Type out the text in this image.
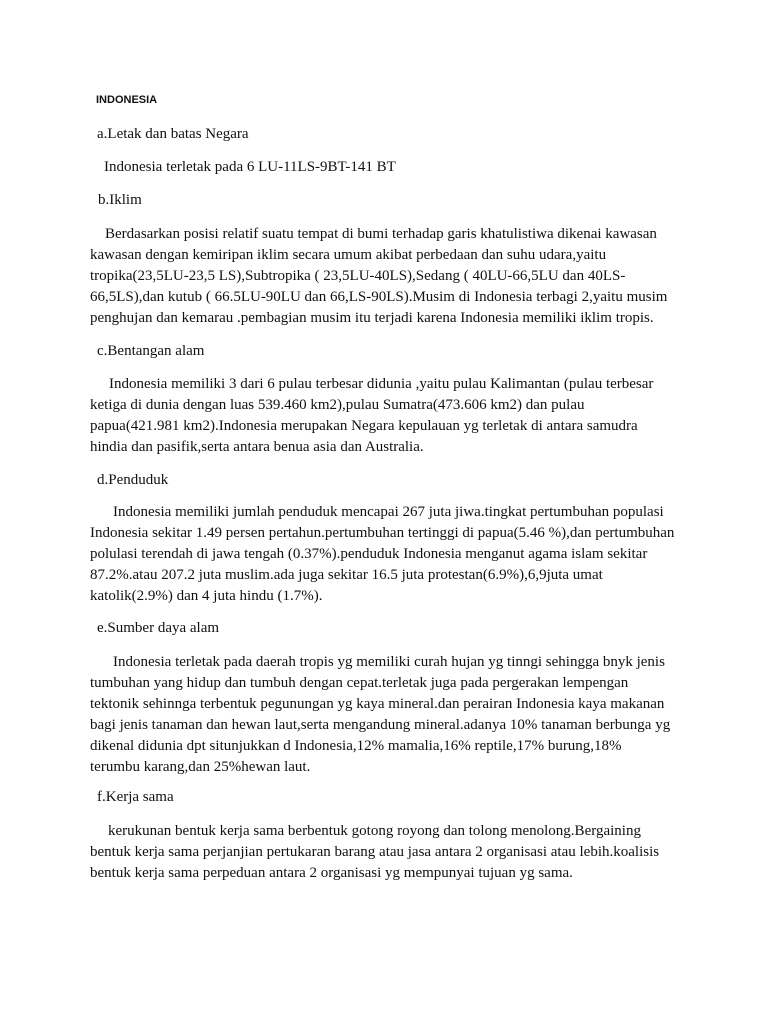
INDONESIA
a.Letak dan batas Negara
Indonesia terletak pada 6 LU-11LS-9BT-141 BT
b.Iklim
Berdasarkan posisi relatif suatu tempat di bumi terhadap garis khatulistiwa dikenai kawasan
kawasan dengan kemiripan iklim secara umum akibat perbedaan dan suhu udara,yaitu
tropika(23,5LU-23,5 LS),Subtropika ( 23,5LU-40LS),Sedang ( 40LU-66,5LU dan 40LS-
66,5LS),dan kutub ( 66.5LU-90LU dan 66,LS-90LS).Musim di Indonesia terbagi 2,yaitu musim
penghujan dan kemarau .pembagian musim itu terjadi karena Indonesia memiliki iklim tropis.
c.Bentangan alam
Indonesia memiliki 3 dari 6 pulau terbesar didunia ,yaitu pulau Kalimantan (pulau terbesar
ketiga di dunia dengan luas 539.460 km2),pulau Sumatra(473.606 km2) dan pulau
papua(421.981 km2).Indonesia merupakan Negara kepulauan yg terletak di antara samudra
hindia dan pasifik,serta antara benua asia dan Australia.
d.Penduduk
Indonesia memiliki jumlah penduduk mencapai 267 juta jiwa.tingkat pertumbuhan populasi
Indonesia sekitar 1.49 persen pertahun.pertumbuhan tertinggi di papua(5.46 %),dan pertumbuhan
polulasi terendah di jawa tengah (0.37%).penduduk Indonesia menganut agama islam sekitar
87.2%.atau 207.2 juta muslim.ada juga sekitar 16.5 juta protestan(6.9%),6,9juta umat
katolik(2.9%) dan 4 juta hindu (1.7%).
e.Sumber daya alam
Indonesia terletak pada daerah tropis yg memiliki curah hujan yg tinngi sehingga bnyk jenis
tumbuhan yang hidup dan tumbuh dengan cepat.terletak juga pada pergerakan lempengan
tektonik sehinnga terbentuk pegunungan yg kaya mineral.dan perairan Indonesia kaya makanan
bagi jenis tanaman dan hewan laut,serta mengandung mineral.adanya 10% tanaman berbunga yg
dikenal didunia dpt situnjukkan d Indonesia,12% mamalia,16% reptile,17% burung,18%
terumbu karang,dan 25%hewan laut.
f.Kerja sama
kerukunan bentuk kerja sama berbentuk gotong royong dan tolong menolong.Bergaining
bentuk kerja sama perjanjian pertukaran barang atau jasa antara 2 organisasi atau lebih.koalisis
bentuk kerja sama perpeduan antara 2 organisasi yg mempunyai tujuan yg sama.
